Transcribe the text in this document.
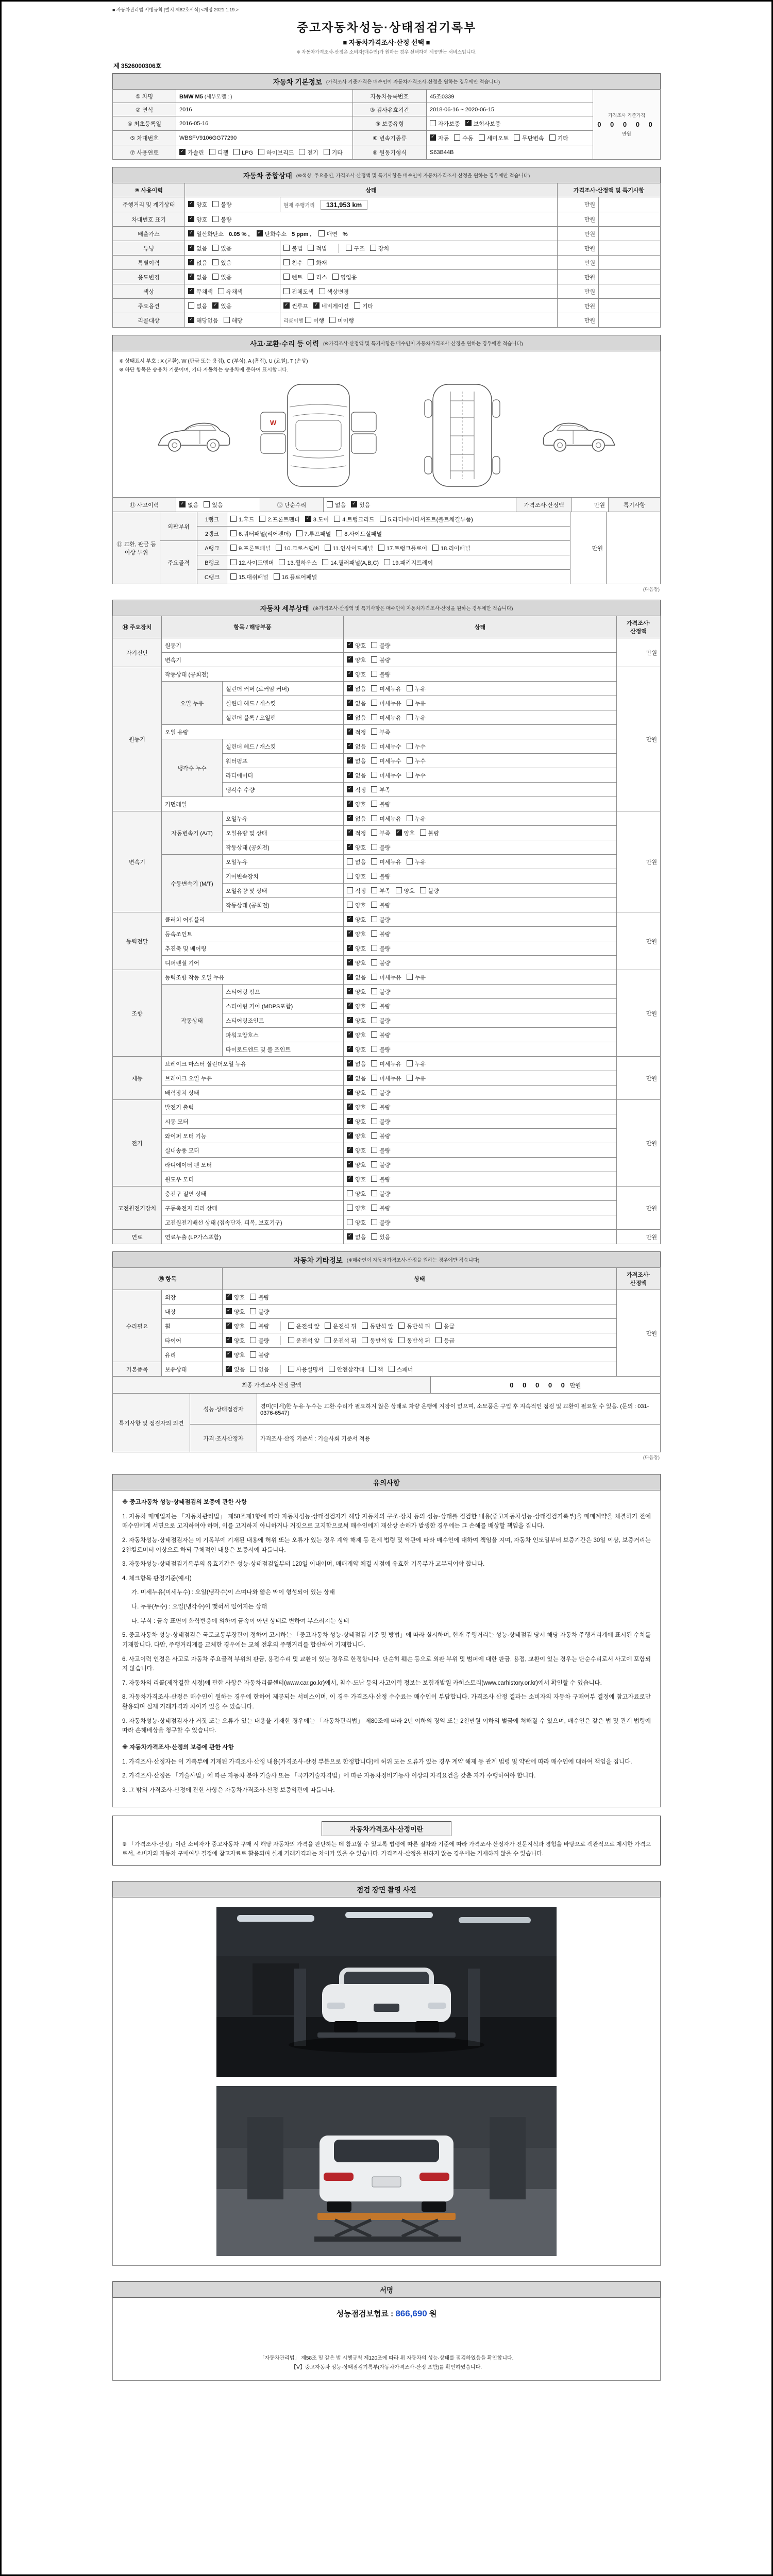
■ 자동차관리법 시행규칙 [별지 제82호서식] <개정 2021.1.19.>
중고자동차성능·상태점검기록부
■ 자동차가격조사·산정 선택 ■
※ 자동차가격조사·산정은 소비자(매수인)가 원하는 경우 선택하여 제공받는 서비스입니다.
제 3526000306호
자동차 기본정보 (가격조사 기준가격은 매수인이 자동차가격조사·산정을 원하는 경우에만 적습니다)
① 차명	BMW M5 (세부모델 : )	자동차등록번호	45조0339	가격조사 기준가격
0 0 0 0 0
만원

② 연식	2016	③ 검사유효기간	2018-06-16 ~ 2020-06-15	
④ 최초등록일	2016-05-16	⑨ 보증유형	자가보증 ✓ 보험사보증
⑤ 차대번호	WBSFV9106GG77290	⑥ 변속기종류	✓자동 수동 세미오토 무단변속 기타
⑦ 사용연료	✓가솔린 디젤 LPG 하이브리드 전기 기타	⑧ 원동기형식	S63B44B	
자동차 종합상태 (※색상, 주요옵션, 가격조사·산정액 및 특기사항은 매수인이 자동차가격조사·산정을 원하는 경우에만 적습니다)
⑩ 사용이력	상태		가격조사·산정액 및 특기사항	
주행거리 및 계기상태	✓양호 불량	현재 주행거리 131,953 km	만원	
차대번호 표기	✓양호 불량		만원	
배출가스	✓일산화탄소 0.05 % , ✓ 탄화수소 5 ppm , 매연 %		만원	
튜닝	✓없음 있음	불법 적법 구조 장치	만원	
특별이력	✓없음 있음	침수 화재	만원	
용도변경	✓없음 있음	렌트 리스 영업용	만원	
색상	✓무채색 유채색	전체도색 색상변경	만원	
주요옵션	없음 ✓ 있음	✓썬루프 ✓ 네비게이션 기타	만원	
리콜대상	✓해당없음 해당	리콜이행 이행 미이행	만원	
사고·교환·수리 등 이력 (※가격조사·산정액 및 특기사항은 매수인이 자동차가격조사·산정을 원하는 경우에만 적습니다)
※ 상태표시 부호 : X (교환), W (판금 또는 용접), C (부식), A (흠집), U (요철), T (손상)
※ 하단 항목은 승용차 기준이며, 기타 자동차는 승용차에 준하여 표시합니다.
W
⑪ 사고이력	✓없음 있음	⑫ 단순수리	없음 ✓ 있음	가격조사·산정액	만원	특기사항
⑬ 교환, 판금 등 이상 부위	외판부위	1랭크	1.후드 2.프론트펜더 ✓ 3.도어 4.트렁크리드 5.라디에이터서포트(볼트체결부품)	만원	
		2랭크	6.쿼터패널(리어펜더) 7.루프패널 8.사이드실패널		
	주요골격	A랭크	9.프론트패널 10.크로스멤버 11.인사이드패널 17.트렁크플로어 18.리어패널		
		B랭크	12.사이드멤버 13.휠하우스 14.필러패널(A,B,C) 19.패키지트레이		
		C랭크	15.대쉬패널 16.플로어패널		
(다음장)
자동차 세부상태 (※가격조사·산정액 및 특기사항은 매수인이 자동차가격조사·산정을 원하는 경우에만 적습니다)
⑭ 주요장치	항목 / 해당부품		상태	가격조사·산정액
자기진단	원동기	✓양호 불량	만원
	변속기	✓양호 불량
원동기	작동상태 (공회전)	✓양호 불량	만원
	오일 누유	실린더 커버 (로커암 커버)	✓없음 미세누유 누유
		실린더 헤드 / 개스킷	✓없음 미세누유 누유
		실린더 블록 / 오일팬	✓없음 미세누유 누유
	오일 유량	✓적정 부족
	냉각수 누수	실린더 헤드 / 개스킷	✓없음 미세누수 누수
		워터펌프	✓없음 미세누수 누수
		라디에이터	✓없음 미세누수 누수
		냉각수 수량	✓적정 부족
	커먼레일	✓양호 불량
변속기	자동변속기 (A/T)	오일누유	✓없음 미세누유 누유	만원
		오일유량 및 상태	✓적정 부족 ✓ 양호 불량
		작동상태 (공회전)	✓양호 불량
	수동변속기 (M/T)	오일누유	없음 미세누유 누유	
		기어변속장치	양호 불량	
		오일유량 및 상태	적정 부족 양호 불량	
		작동상태 (공회전)	양호 불량	
동력전달	클러치 어셈블리	✓양호 불량	만원
	등속조인트	✓양호 불량
	추진축 및 베어링	✓양호 불량
	디퍼렌셜 기어	✓양호 불량
조향	동력조향 작동 오일 누유	✓없음 미세누유 누유	만원
	작동상태	스티어링 펌프	✓양호 불량
		스티어링 기어 (MDPS포함)	✓양호 불량
		스티어링조인트	✓양호 불량
		파워고압호스	✓양호 불량
		타이로드엔드 및 볼 조인트	✓양호 불량
제동	브레이크 마스터 실린더오일 누유	✓없음 미세누유 누유	만원
	브레이크 오일 누유	✓없음 미세누유 누유
	배력장치 상태	✓양호 불량
전기	발전기 출력	✓양호 불량	만원
	시동 모터	✓양호 불량
	와이퍼 모터 기능	✓양호 불량
	실내송풍 모터	✓양호 불량
	라디에이터 팬 모터	✓양호 불량
	윈도우 모터	✓양호 불량
고전원전기장치	충전구 절연 상태		양호 불량	만원
	구동축전지 격리 상태		양호 불량	
	고전원전기배선 상태 (접속단자, 피복, 보호기구)		양호 불량	
연료	연료누출 (LP가스포함)	✓없음 있음	만원
자동차 기타정보 (※매수인이 자동차가격조사·산정을 원하는 경우에만 적습니다)
⑮ 항목		상태	가격조사·산정액
수리필요	외장	✓양호 불량	만원
	내장	✓양호 불량
	휠	✓양호 불량 운전석 앞 운전석 뒤 동반석 앞 동반석 뒤 응급
	타이어	✓양호 불량 운전석 앞 운전석 뒤 동반석 앞 동반석 뒤 응급
	유리	✓양호 불량
기본품목	보유상태	✓있음 없음 사용설명서 안전삼각대 잭 스패너
최종 가격조사·산정 금액	0 0 0 0 0 만원
특기사항 및 점검자의 의견	성능·상태점검자	경미(미세)한 누유·누수는 교환·수리가 필요하지 않은 상태로 차량 운행에 지장이 없으며, 소모품은 구입 후 지속적인 점검 및 교환이 필요할 수 있음. (문의 : 031-0376-6547)
	가격·조사산정자	가격조사·산정 기준서 : 기술사회 기준서 적용
(다음장)
유의사항

※ 중고자동차 성능·상태점검의 보증에 관한 사항

1. 자동차 매매업자는 「자동차관리법」 제58조제1항에 따라 자동차성능·상태점검자가 해당 자동차의 구조·장치 등의 성능·상태를 점검한 내용(중고자동차성능·상태점검기록부)을 매매계약을 체결하기 전에 매수인에게 서면으로 고지하여야 하며, 이를 고지하지 아니하거나 거짓으로 고지함으로써 매수인에게 재산상 손해가 발생한 경우에는 그 손해를 배상할 책임을 집니다.

2. 자동차성능·상태점검자는 이 기록부에 기재된 내용에 허위 또는 오류가 있는 경우 계약 해제 등 관계 법령 및 약관에 따라 매수인에 대하여 책임을 지며, 자동차 인도일부터 보증기간은 30일 이상, 보증거리는 2천킬로미터 이상으로 하되 구체적인 내용은 보증서에 따릅니다.

3. 자동차성능·상태점검기록부의 유효기간은 성능·상태점검일부터 120일 이내이며, 매매계약 체결 시점에 유효한 기록부가 교부되어야 합니다.

4. 체크항목 판정기준(예시)

가. 미세누유(미세누수) : 오일(냉각수)이 스며나와 얇은 막이 형성되어 있는 상태

나. 누유(누수) : 오일(냉각수)이 맺혀서 떨어지는 상태

다. 부식 : 금속 표면이 화학반응에 의하여 금속이 아닌 상태로 변하여 부스러지는 상태

5. 중고자동차 성능·상태점검은 국토교통부장관이 정하여 고시하는 「중고자동차 성능·상태점검 기준 및 방법」에 따라 실시하며, 현재 주행거리는 성능·상태점검 당시 해당 자동차 주행거리계에 표시된 수치를 기재합니다. 다만, 주행거리계를 교체한 경우에는 교체 전후의 주행거리를 합산하여 기재합니다.

6. 사고이력 인정은 사고로 자동차 주요골격 부위의 판금, 용접수리 및 교환이 있는 경우로 한정합니다. 단순히 훼손 등으로 외판 부위 및 범퍼에 대한 판금, 용접, 교환이 있는 경우는 단순수리로서 사고에 포함되지 않습니다.

7. 자동차의 리콜(제작결함 시정)에 관한 사항은 자동차리콜센터(www.car.go.kr)에서, 침수·도난 등의 사고이력 정보는 보험개발원 카히스토리(www.carhistory.or.kr)에서 확인할 수 있습니다.

8. 자동차가격조사·산정은 매수인이 원하는 경우에 한하여 제공되는 서비스이며, 이 경우 가격조사·산정 수수료는 매수인이 부담합니다. 가격조사·산정 결과는 소비자의 자동차 구매여부 결정에 참고자료로만 활용되며 실제 거래가격과 차이가 있을 수 있습니다.

9. 자동차성능·상태점검자가 거짓 또는 오류가 있는 내용을 기재한 경우에는 「자동차관리법」 제80조에 따라 2년 이하의 징역 또는 2천만원 이하의 벌금에 처해질 수 있으며, 매수인은 같은 법 및 관계 법령에 따라 손해배상을 청구할 수 있습니다.

※ 자동차가격조사·산정의 보증에 관한 사항

1. 가격조사·산정자는 이 기록부에 기재된 가격조사·산정 내용(가격조사·산정 부분으로 한정합니다)에 허위 또는 오류가 있는 경우 계약 해제 등 관계 법령 및 약관에 따라 매수인에 대하여 책임을 집니다.

2. 가격조사·산정은 「기술사법」에 따른 자동차 분야 기술사 또는 「국가기술자격법」에 따른 자동차정비기능사 이상의 자격요건을 갖춘 자가 수행하여야 합니다.

3. 그 밖의 가격조사·산정에 관한 사항은 자동차가격조사·산정 보증약관에 따릅니다.

자동차가격조사·산정이란

※ 「가격조사·산정」이란 소비자가 중고자동차 구매 시 해당 자동차의 가격을 판단하는 데 참고할 수 있도록 법령에 따른 절차와 기준에 따라 가격조사·산정자가 전문지식과 경험을 바탕으로 객관적으로 제시한 가격으로서, 소비자의 자동차 구매여부 결정에 참고자료로 활용되며 실제 거래가격과는 차이가 있을 수 있습니다. 가격조사·산정을 원하지 않는 경우에는 기재하지 않을 수 있습니다.

점검 장면 촬영 사진
서명
성능점검보험료 : 866,690 원

「자동차관리법」 제58조 및 같은 법 시행규칙 제120조에 따라 위 자동차의 성능·상태를 점검하였음을 확인합니다.

【Ⅴ】중고자동차 성능·상태점검기록부(자동차가격조사·산정 포함)를 확인하였습니다.
